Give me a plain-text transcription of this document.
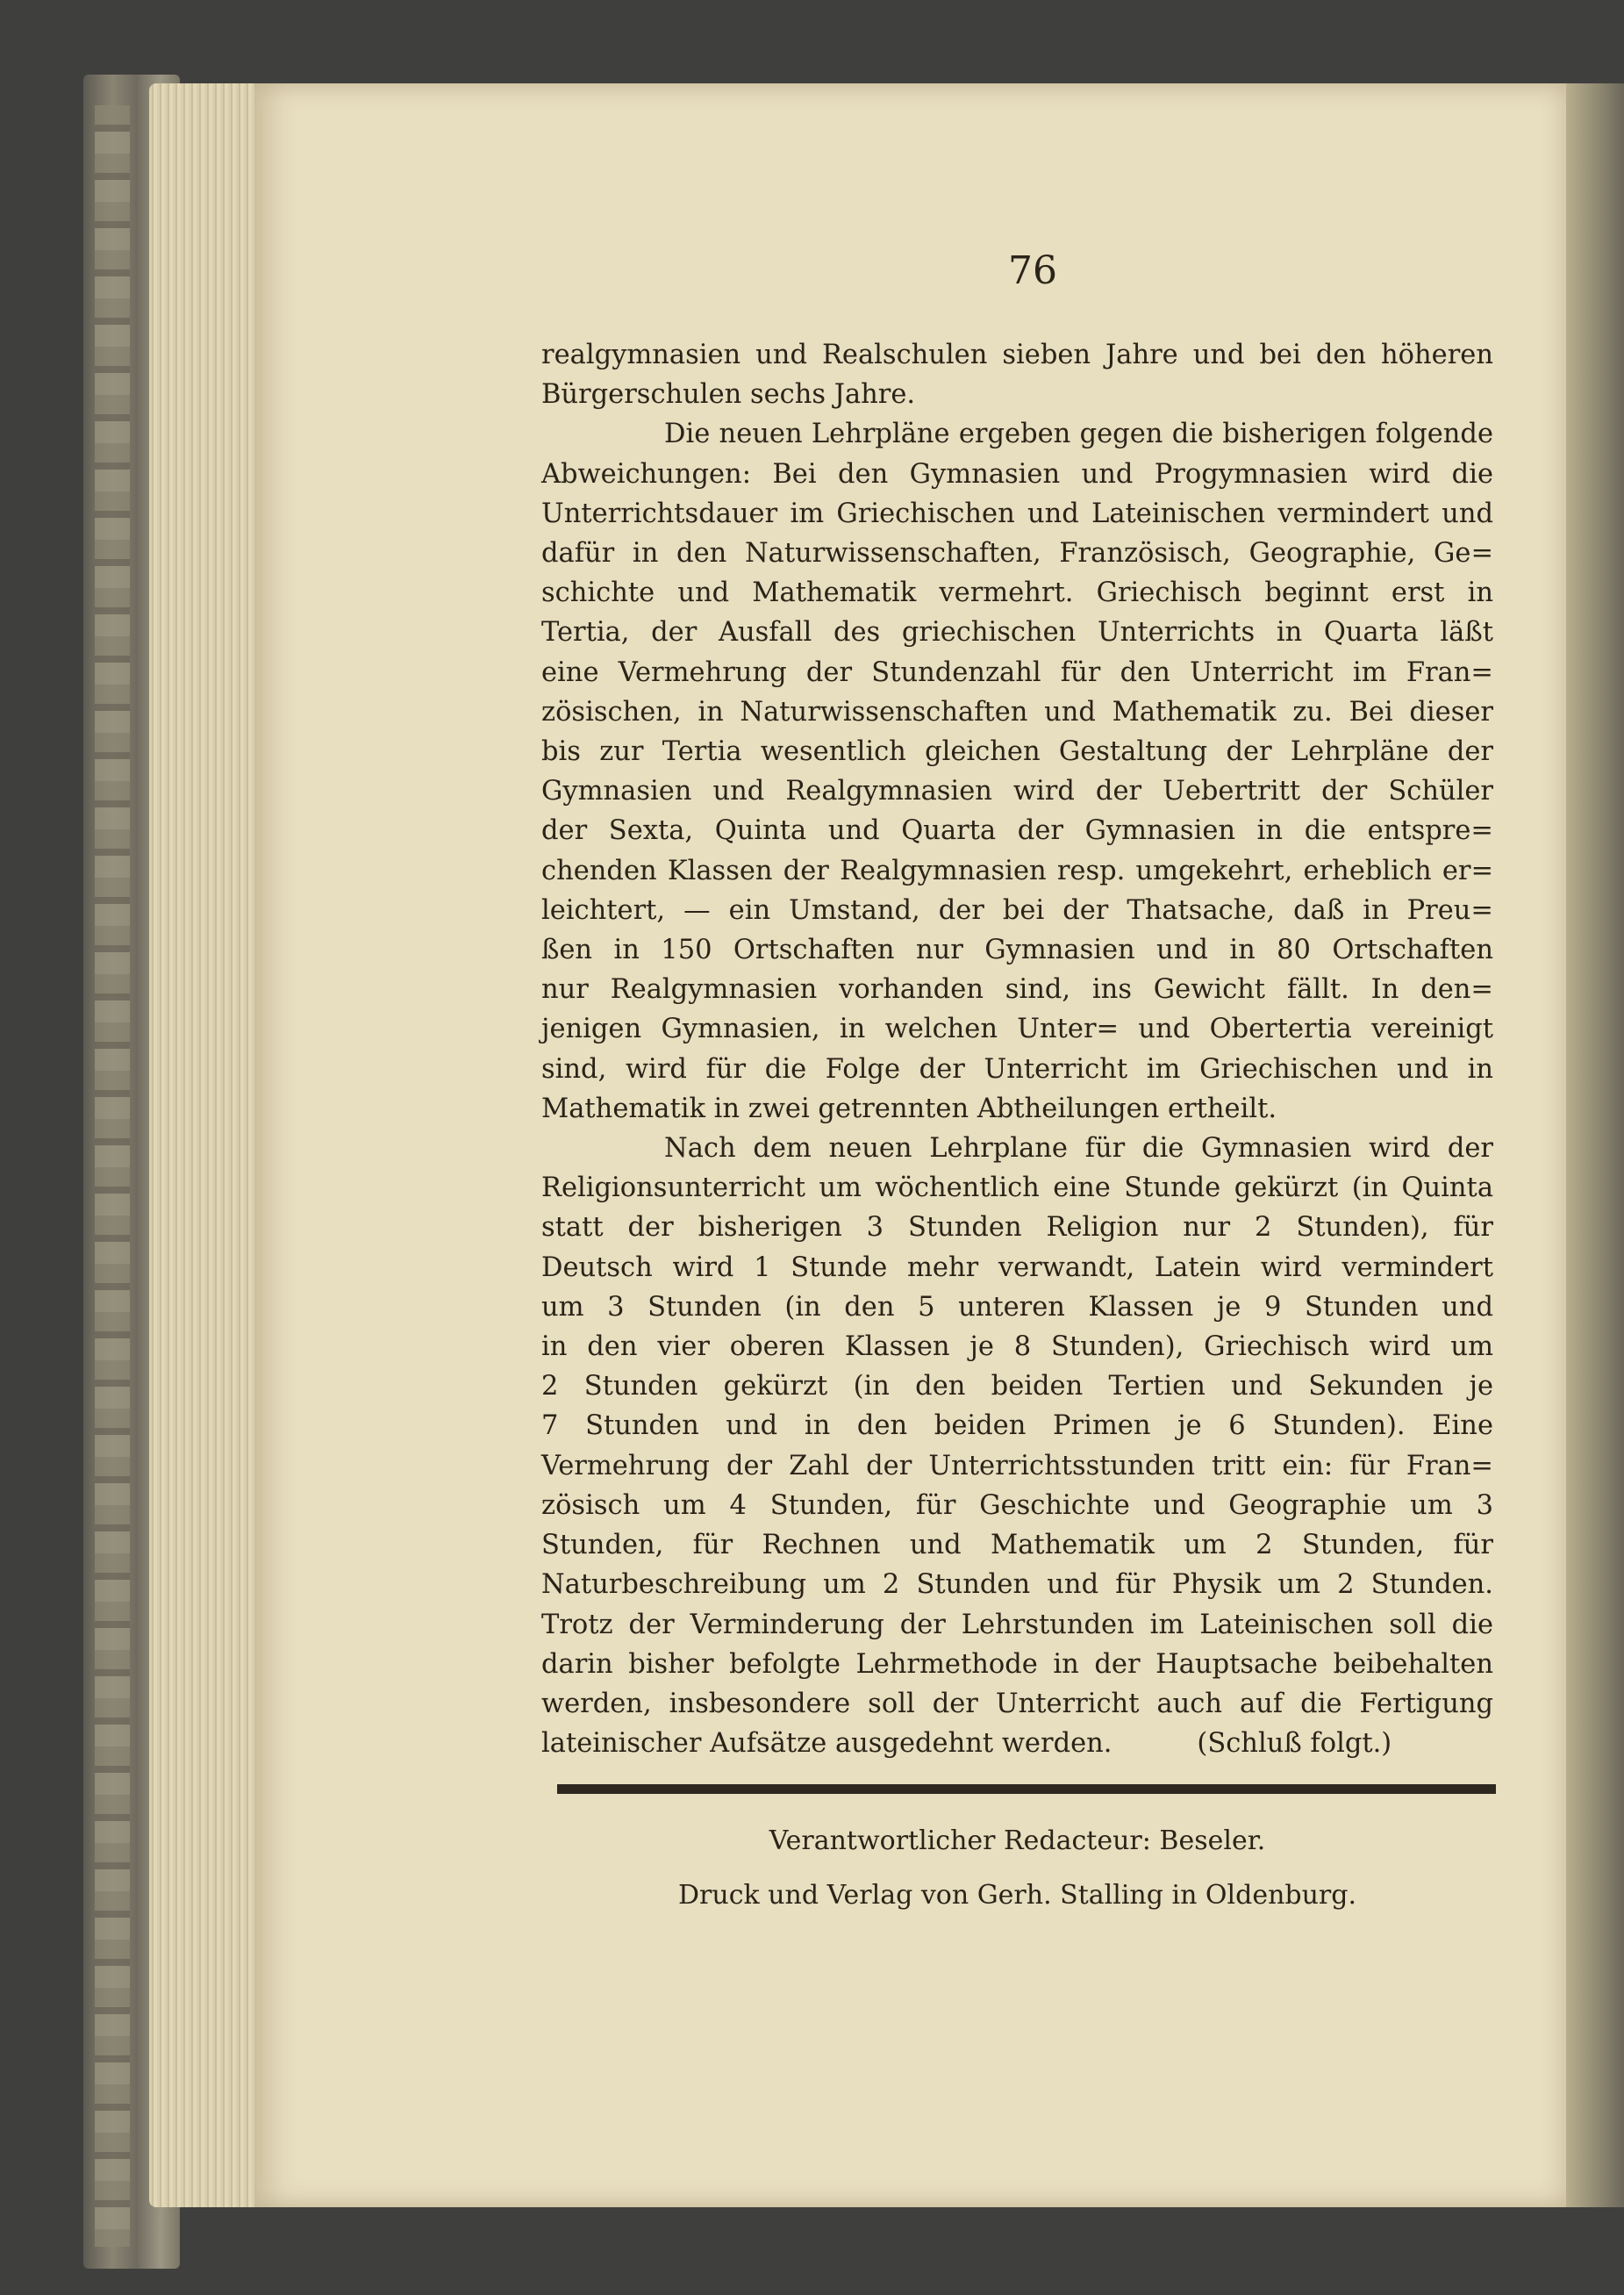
76

realgymnasien und Realschulen sieben Jahre und bei den höheren
Bürgerschulen sechs Jahre.

Die neuen Lehrpläne ergeben gegen die bisherigen folgende
Abweichungen: Bei den Gymnasien und Progymnasien wird die
Unterrichtsdauer im Griechischen und Lateinischen vermindert und
dafür in den Naturwissenschaften, Französisch, Geographie, Ge=
schichte und Mathematik vermehrt. Griechisch beginnt erst in
Tertia, der Ausfall des griechischen Unterrichts in Quarta läßt
eine Vermehrung der Stundenzahl für den Unterricht im Fran=
zösischen, in Naturwissenschaften und Mathematik zu. Bei dieser
bis zur Tertia wesentlich gleichen Gestaltung der Lehrpläne der
Gymnasien und Realgymnasien wird der Uebertritt der Schüler
der Sexta, Quinta und Quarta der Gymnasien in die entspre=
chenden Klassen der Realgymnasien resp. umgekehrt, erheblich er=
leichtert, — ein Umstand, der bei der Thatsache, daß in Preu=
ßen in 150 Ortschaften nur Gymnasien und in 80 Ortschaften
nur Realgymnasien vorhanden sind, ins Gewicht fällt. In den=
jenigen Gymnasien, in welchen Unter= und Obertertia vereinigt
sind, wird für die Folge der Unterricht im Griechischen und in
Mathematik in zwei getrennten Abtheilungen ertheilt.

Nach dem neuen Lehrplane für die Gymnasien wird der
Religionsunterricht um wöchentlich eine Stunde gekürzt (in Quinta
statt der bisherigen 3 Stunden Religion nur 2 Stunden), für
Deutsch wird 1 Stunde mehr verwandt, Latein wird vermindert
um 3 Stunden (in den 5 unteren Klassen je 9 Stunden und
in den vier oberen Klassen je 8 Stunden), Griechisch wird um
2 Stunden gekürzt (in den beiden Tertien und Sekunden je
7 Stunden und in den beiden Primen je 6 Stunden). Eine
Vermehrung der Zahl der Unterrichtsstunden tritt ein: für Fran=
zösisch um 4 Stunden, für Geschichte und Geographie um 3
Stunden, für Rechnen und Mathematik um 2 Stunden, für
Naturbeschreibung um 2 Stunden und für Physik um 2 Stunden.
Trotz der Verminderung der Lehrstunden im Lateinischen soll die
darin bisher befolgte Lehrmethode in der Hauptsache beibehalten
werden, insbesondere soll der Unterricht auch auf die Fertigung
lateinischer Aufsätze ausgedehnt werden.          (Schluß folgt.)

Verantwortlicher Redacteur: Beseler.

Druck und Verlag von Gerh. Stalling in Oldenburg.
